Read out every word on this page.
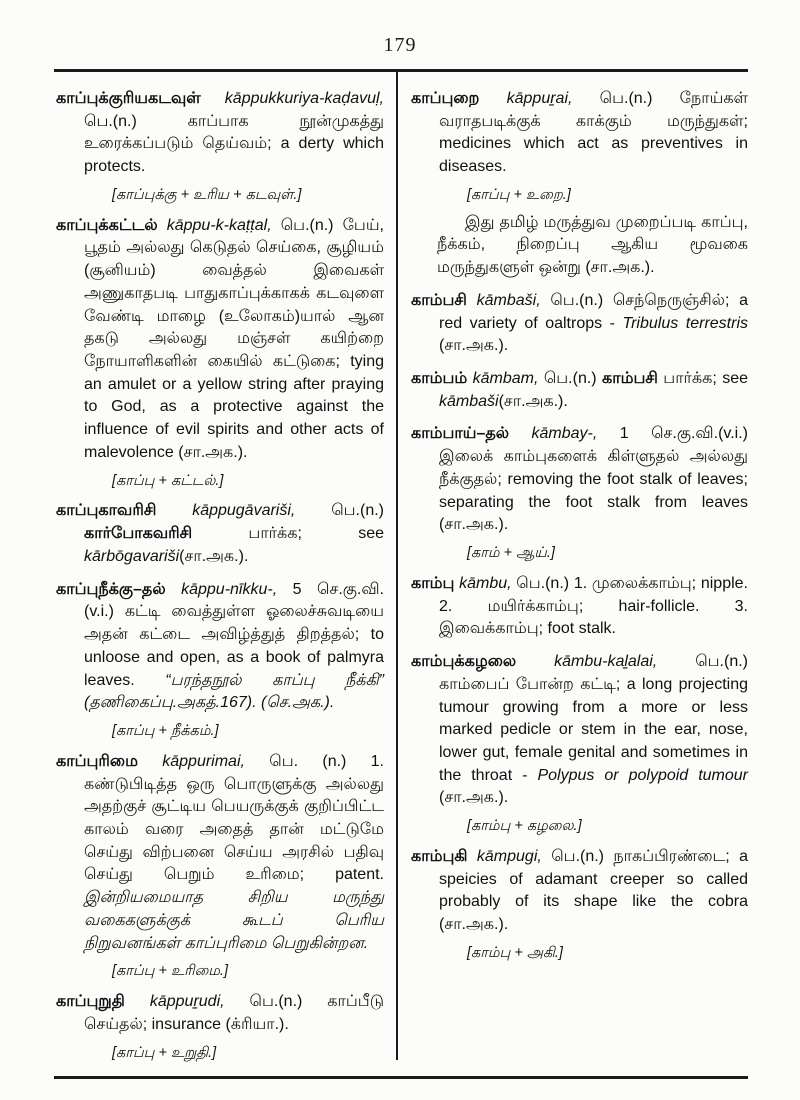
179

காப்புக்குரியகடவுள் kāppukkuriya-kaḍavuḷ, பெ.(n.) காப்பாக நூன்முகத்து உரைக்கப்படும் தெய்வம்; a derty which protects.

[காப்புக்கு + உரிய + கடவுள்.]

காப்புக்கட்டல் kāppu-k-kaṭṭal, பெ.(n.) பேய், பூதம் அல்லது கெடுதல் செய்கை, சூழியம் (சூனியம்) வைத்தல் இவைகள் அணுகாதபடி பாதுகாப்புக்காகக் கடவுளை வேண்டி மாழை (உலோகம்)யால் ஆன தகடு அல்லது மஞ்சள் கயிற்றை நோயாளிகளின் கையில் கட்டுகை; tying an amulet or a yellow string after praying to God, as a protective against the influence of evil spirits and other acts of malevolence (சா.அக.).

[காப்பு + கட்டல்.]

காப்புகாவரிசி kāppugāvariši, பெ.(n.) கார்போகவரிசி பார்க்க; see kārbōgavariši(சா.அக.).

காப்புநீக்கு–தல் kāppu-nīkku-, 5 செ.கு.வி. (v.i.) கட்டி வைத்துள்ள ஓலைச்சுவடியை அதன் கட்டை அவிழ்த்துத் திறத்தல்; to unloose and open, as a book of palmyra leaves. “பரந்தநூல் காப்பு நீக்கி” (தணிகைப்பு.அகத்.167). (செ.அக.).

[காப்பு + நீக்கம்.]

காப்புரிமை kāppurimai, பெ. (n.) 1. கண்டுபிடித்த ஒரு பொருளுக்கு அல்லது அதற்குச் சூட்டிய பெயருக்குக் குறிப்பிட்ட காலம் வரை அதைத் தான் மட்டுமே செய்து விற்பனை செய்ய அரசில் பதிவு செய்து பெறும் உரிமை; patent. இன்றியமையாத சிறிய மருந்து வகைகளுக்குக் கூடப் பெரிய நிறுவனங்கள் காப்புரிமை பெறுகின்றன.

[காப்பு + உரிமை.]

காப்புறுதி kāppuṟudi, பெ.(n.) காப்பீடு செய்தல்; insurance (க்ரியா.).

[காப்பு + உறுதி.]

காப்புறை kāppuṟai, பெ.(n.) நோய்கள் வராதபடிக்குக் காக்கும் மருந்துகள்; medicines which act as preventives in diseases.

[காப்பு + உறை.]

இது தமிழ் மருத்துவ முறைப்படி காப்பு, நீக்கம், நிறைப்பு ஆகிய மூவகை மருந்துகளுள் ஒன்று (சா.அக.).

காம்பசி kāmbaši, பெ.(n.) செந்நெருஞ்சில்; a red variety of oaltrops - Tribulus terrestris (சா.அக.).

காம்பம் kāmbam, பெ.(n.) காம்பசி பார்க்க; see kāmbaši(சா.அக.).

காம்பாய்–தல் kāmbay-, 1 செ.கு.வி.(v.i.) இலைக் காம்புகளைக் கிள்ளுதல் அல்லது நீக்குதல்; removing the foot stalk of leaves; separating the foot stalk from leaves (சா.அக.).

[காம் + ஆய்.]

காம்பு kāmbu, பெ.(n.) 1. முலைக்காம்பு; nipple. 2. மயிர்க்காம்பு; hair-follicle. 3. இவைக்காம்பு; foot stalk.

காம்புக்கழலை kāmbu-kaḻalai, பெ.(n.) காம்பைப் போன்ற கட்டி; a long projecting tumour growing from a more or less marked pedicle or stem in the ear, nose, lower gut, female genital and sometimes in the throat - Polypus or polypoid tumour (சா.அக.).

[காம்பு + கழலை.]

காம்புகி kāmpugi, பெ.(n.) நாகப்பிரண்டை; a speicies of adamant creeper so called probably of its shape like the cobra (சா.அக.).

[காம்பு + அகி.]
